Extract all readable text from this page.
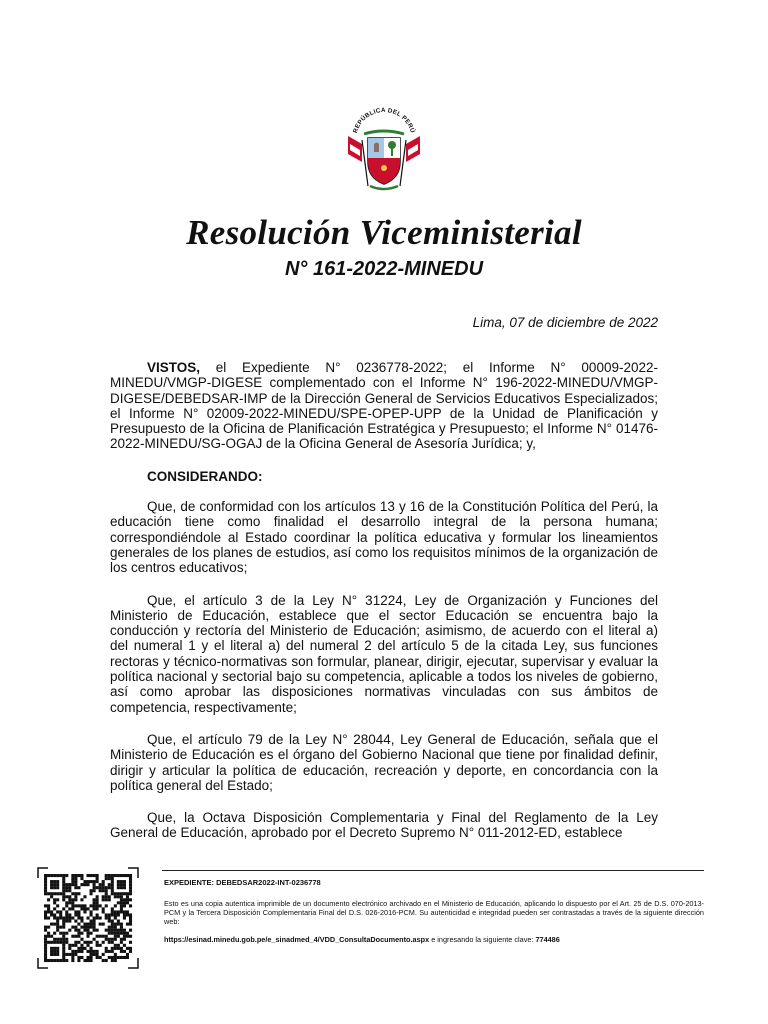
REPÚBLICA DEL PERÚ
Resolución Viceministerial
N° 161-2022-MINEDU
Lima, 07 de diciembre de 2022

VISTOS, el Expediente N° 0236778-2022; el Informe N° 00009-2022-MINEDU/VMGP-DIGESE complementado con el Informe N° 196-2022-MINEDU/VMGP-DIGESE/DEBEDSAR-IMP de la Dirección General de Servicios Educativos Especializados; el Informe N° 02009-2022-MINEDU/SPE-OPEP-UPP de la Unidad de Planificación y Presupuesto de la Oficina de Planificación Estratégica y Presupuesto; el Informe N° 01476-2022-MINEDU/SG-OGAJ de la Oficina General de Asesoría Jurídica; y,

CONSIDERANDO:

Que, de conformidad con los artículos 13 y 16 de la Constitución Política del Perú, la educación tiene como finalidad el desarrollo integral de la persona humana; correspondiéndole al Estado coordinar la política educativa y formular los lineamientos generales de los planes de estudios, así como los requisitos mínimos de la organización de los centros educativos;

Que, el artículo 3 de la Ley N° 31224, Ley de Organización y Funciones del Ministerio de Educación, establece que el sector Educación se encuentra bajo la conducción y rectoría del Ministerio de Educación; asimismo, de acuerdo con el literal a) del numeral 1 y el literal a) del numeral 2 del artículo 5 de la citada Ley, sus funciones rectoras y técnico-normativas son formular, planear, dirigir, ejecutar, supervisar y evaluar la política nacional y sectorial bajo su competencia, aplicable a todos los niveles de gobierno, así como aprobar las disposiciones normativas vinculadas con sus ámbitos de competencia, respectivamente;

Que, el artículo 79 de la Ley N° 28044, Ley General de Educación, señala que el Ministerio de Educación es el órgano del Gobierno Nacional que tiene por finalidad definir, dirigir y articular la política de educación, recreación y deporte, en concordancia con la política general del Estado;

Que, la Octava Disposición Complementaria y Final del Reglamento de la Ley General de Educación, aprobado por el Decreto Supremo N° 011-2012-ED, establece

EXPEDIENTE: DEBEDSAR2022-INT-0236778
Esto es una copia autentica imprimible de un documento electrónico archivado en el Ministerio de Educación, aplicando lo dispuesto por el Art. 25 de D.S. 070-2013-PCM y la Tercera Disposición Complementaria Final del D.S. 026-2016-PCM. Su autenticidad e integridad pueden ser contrastadas a través de la siguiente dirección web:
https://esinad.minedu.gob.pe/e_sinadmed_4/VDD_ConsultaDocumento.aspx e ingresando la siguiente clave: 774486
